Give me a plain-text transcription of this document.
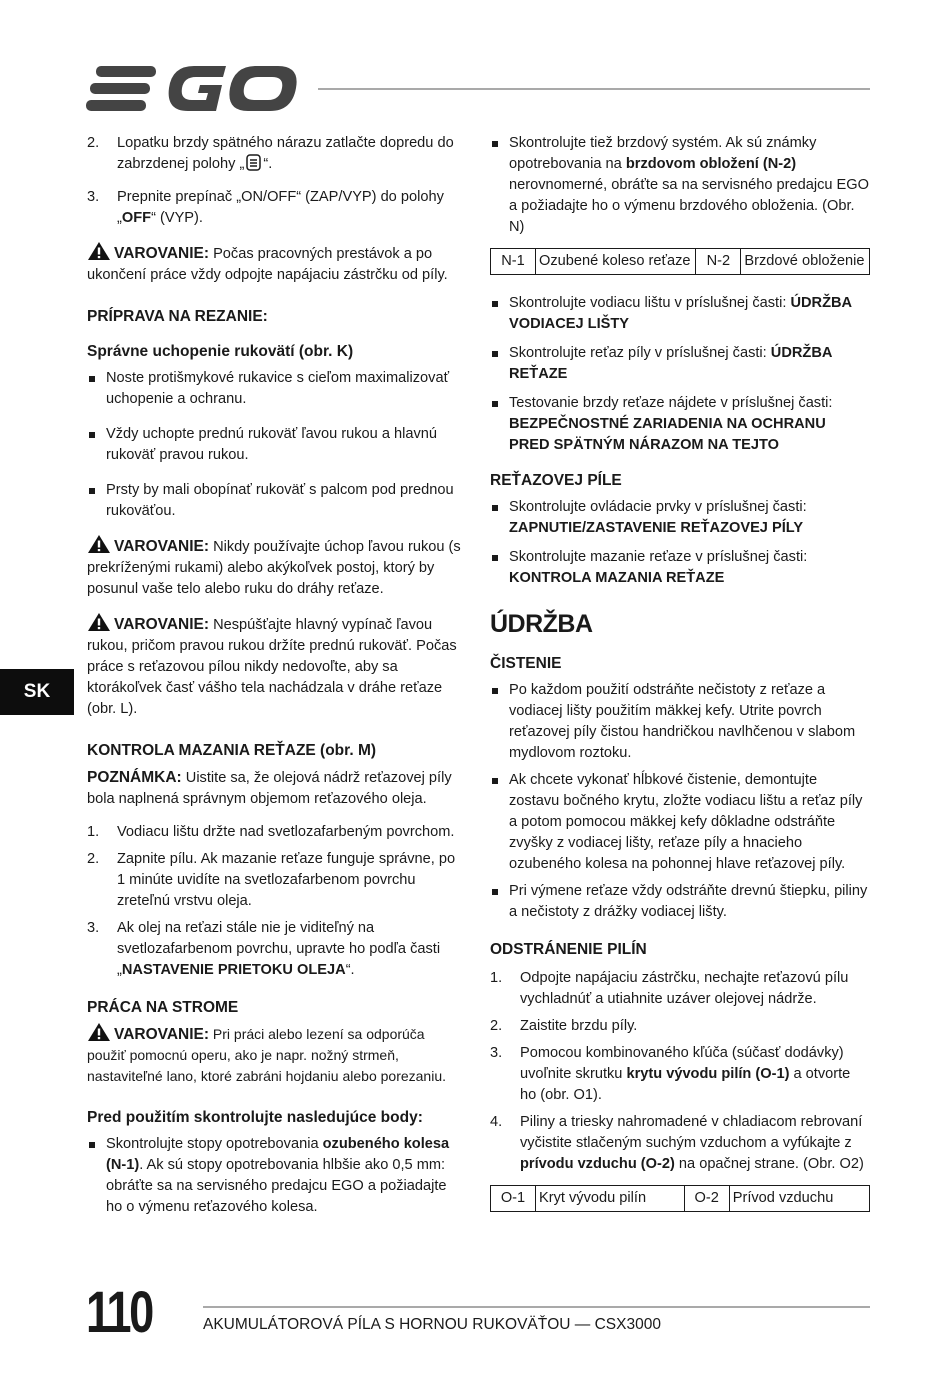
2. Lopatku brzdy spätného nárazu zatlačte dopredu do zabrzdenej polohy „ “.
3. Prepnite prepínač „ON/OFF“ (ZAP/VYP) do polohy „OFF“ (VYP).
VAROVANIE: Počas pracovných prestávok a po ukončení práce vždy odpojte napájaciu zástrčku od píly.
PRÍPRAVA NA REZANIE:
Správne uchopenie rukovätí (obr. K)
Noste protišmykové rukavice s cieľom maximalizovať uchopenie a ochranu.
Vždy uchopte prednú rukoväť ľavou rukou a hlavnú rukoväť pravou rukou.
Prsty by mali obopínať rukoväť s palcom pod prednou rukoväťou.
VAROVANIE: Nikdy používajte úchop ľavou rukou (s prekríženými rukami) alebo akýkoľvek postoj, ktorý by posunul vaše telo alebo ruku do dráhy reťaze.
VAROVANIE: Nespúšťajte hlavný vypínač ľavou rukou, pričom pravou rukou držíte prednú rukoväť. Počas práce s reťazovou pílou nikdy nedovoľte, aby sa ktorákoľvek časť vášho tela nachádzala v dráhe reťaze (obr. L).
KONTROLA MAZANIA REŤAZE (obr. M)
POZNÁMKA: Uistite sa, že olejová nádrž reťazovej píly bola naplnená správnym objemom reťazového oleja.
1. Vodiacu lištu držte nad svetlozafarbeným povrchom.
2. Zapnite pílu. Ak mazanie reťaze funguje správne, po 1 minúte uvidíte na svetlozafarbenom povrchu zreteľnú vrstvu oleja.
3. Ak olej na reťazi stále nie je viditeľný na svetlozafarbenom povrchu, upravte ho podľa časti „NASTAVENIE PRIETOKU OLEJA“.
PRÁCA NA STROME
VAROVANIE: Pri práci alebo lezení sa odporúča použiť pomocnú operu, ako je napr. nožný strmeň, nastaviteľné lano, ktoré zabráni hojdaniu alebo porezaniu.
Pred použitím skontrolujte nasledujúce body:
Skontrolujte stopy opotrebovania ozubeného kolesa (N-1). Ak sú stopy opotrebovania hlbšie ako 0,5 mm: obráťte sa na servisného predajcu EGO a požiadajte ho o výmenu reťazového kolesa.
Skontrolujte tiež brzdový systém. Ak sú známky opotrebovania na brzdovom obložení (N-2) nerovnomerné, obráťte sa na servisného predajcu EGO a požiadajte ho o výmenu brzdového obloženia. (Obr. N)
N-1	Ozubené koleso reťaze	N-2	Brzdové obloženie
Skontrolujte vodiacu lištu v príslušnej časti: ÚDRŽBA VODIACEJ LIŠTY
Skontrolujte reťaz píly v príslušnej časti: ÚDRŽBA REŤAZE
Testovanie brzdy reťaze nájdete v príslušnej časti: BEZPEČNOSTNÉ ZARIADENIA NA OCHRANU PRED SPÄTNÝM NÁRAZOM NA TEJTO
REŤAZOVEJ PÍLE
Skontrolujte ovládacie prvky v príslušnej časti: ZAPNUTIE/ZASTAVENIE REŤAZOVEJ PÍLY
Skontrolujte mazanie reťaze v príslušnej časti: KONTROLA MAZANIA REŤAZE
ÚDRŽBA
ČISTENIE
Po každom použití odstráňte nečistoty z reťaze a vodiacej lišty použitím mäkkej kefy. Utrite povrch reťazovej píly čistou handričkou navlhčenou v slabom mydlovom roztoku.
Ak chcete vykonať hĺbkové čistenie, demontujte zostavu bočného krytu, zložte vodiacu lištu a reťaz píly a potom pomocou mäkkej kefy dôkladne odstráňte zvyšky z vodiacej lišty, reťaze píly a hnacieho ozubeného kolesa na pohonnej hlave reťazovej píly.
Pri výmene reťaze vždy odstráňte drevnú štiepku, piliny a nečistoty z drážky vodiacej lišty.
ODSTRÁNENIE PILÍN
1. Odpojte napájaciu zástrčku, nechajte reťazovú pílu vychladnúť a utiahnite uzáver olejovej nádrže.
2. Zaistite brzdu píly.
3. Pomocou kombinovaného kľúča (súčasť dodávky) uvoľnite skrutku krytu vývodu pilín (O-1) a otvorte ho (obr. O1).
4. Piliny a triesky nahromadené v chladiacom rebrovaní vyčistite stlačeným suchým vzduchom a vyfúkajte z prívodu vzduchu (O-2) na opačnej strane. (Obr. O2)
O-1	Kryt vývodu pilín	O-2	Prívod vzduchu
SK
110	AKUMULÁTOROVÁ PÍLA S HORNOU RUKOVÄŤOU — CSX3000
